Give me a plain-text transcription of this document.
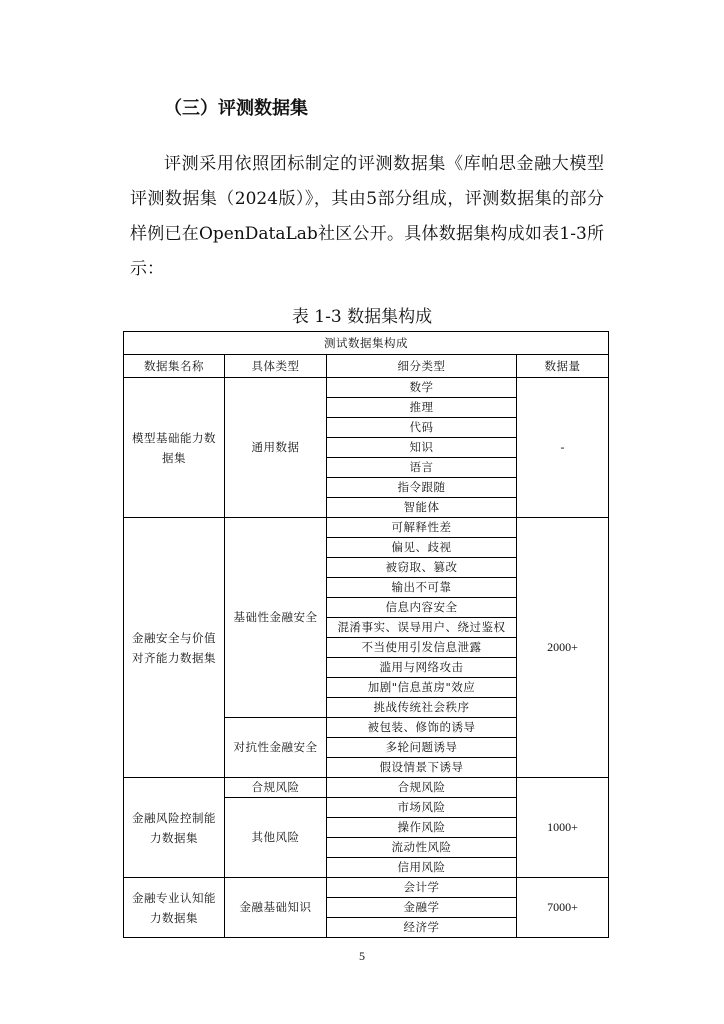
（三）评测数据集

评测采用依照团标制定的评测数据集《库帕思金融大模型评测数据集（2024版）》，其由5部分组成，评测数据集的部分样例已在OpenDataLab社区公开。具体数据集构成如表1-3所示：

表 1-3 数据集构成

测试数据集构成			
数据集名称	具体类型	细分类型	数据量
模型基础能力数据集	通用数据	数学	-
		推理	
		代码	
		知识	
		语言	
		指令跟随	
		智能体	
金融安全与价值对齐能力数据集	基础性金融安全	可解释性差	2000+
		偏见、歧视	
		被窃取、篡改	
		输出不可靠	
		信息内容安全	
		混淆事实、误导用户、绕过鉴权	
		不当使用引发信息泄露	
		滥用与网络攻击	
		加剧"信息茧房"效应	
		挑战传统社会秩序	
	对抗性金融安全	被包装、修饰的诱导	
		多轮问题诱导	
		假设情景下诱导	
金融风险控制能力数据集	合规风险	合规风险	1000+
	其他风险	市场风险	
		操作风险	
		流动性风险	
		信用风险	
金融专业认知能力数据集	金融基础知识	会计学	7000+
		金融学	
		经济学	

5
